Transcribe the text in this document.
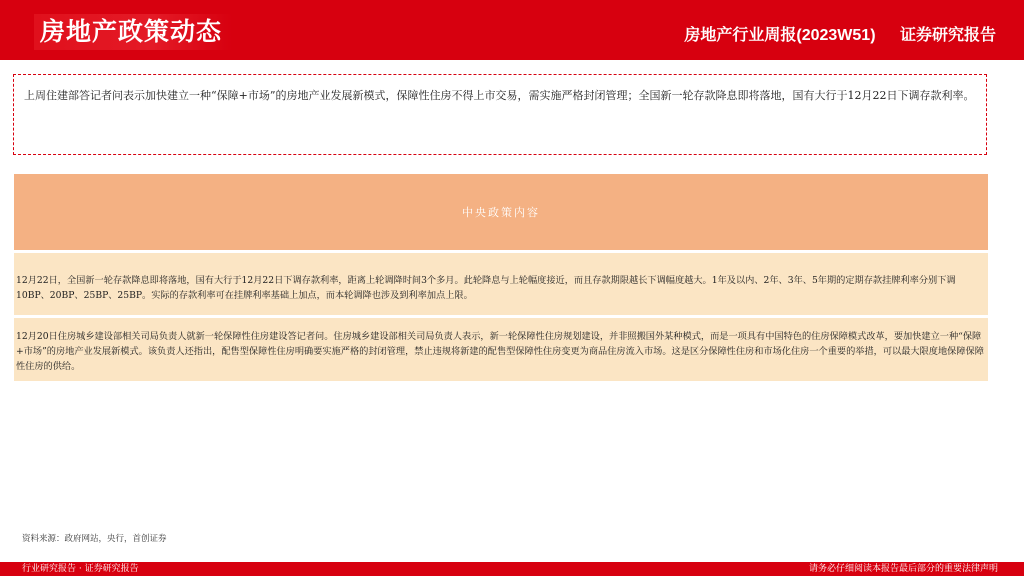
房地产政策动态	房地产行业周报(2023W51) 证券研究报告
上周住建部答记者问表示加快建立一种“保障+市场”的房地产业发展新模式，保障性住房不得上市交易，需实施严格封闭管理；全国新一轮存款降息即将落地，国有大行于12月22日下调存款利率。
中央政策内容
12月22日，全国新一轮存款降息即将落地，国有大行于12月22日下调存款利率，距离上轮调降时间3个多月。此轮降息与上轮幅度接近，而且存款期限越长下调幅度越大。1年及以内、2年、3年、5年期的定期存款挂牌利率分别下调10BP、20BP、25BP、25BP。实际的存款利率可在挂牌利率基础上加点，而本轮调降也涉及到利率加点上限。
12月20日住房城乡建设部相关司局负责人就新一轮保障性住房建设答记者问。住房城乡建设部相关司局负责人表示，新一轮保障性住房规划建设，并非照搬国外某种模式，而是一项具有中国特色的住房保障模式改革，要加快建立一种“保障+市场”的房地产业发展新模式。该负责人还指出，配售型保障性住房明确要实施严格的封闭管理，禁止违规将新建的配售型保障性住房变更为商品住房流入市场。这是区分保障性住房和市场化住房一个重要的举措，可以最大限度地保障保障性住房的供给。
资料来源：政府网站，央行，首创证券
行业研究报告 · 证券研究报告	请务必仔细阅读本报告最后部分的重要法律声明
